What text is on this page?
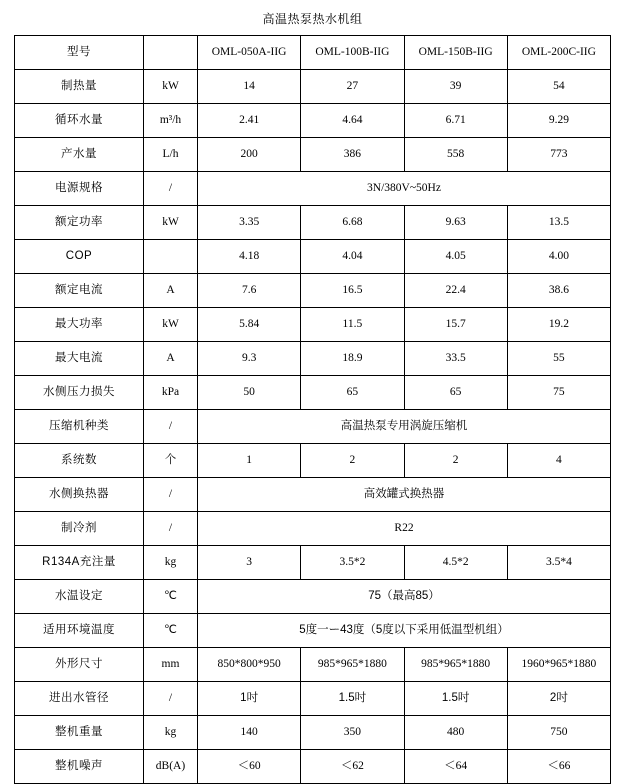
高温热泵热水机组
型号		OML-050A-IIG	OML-100B-IIG	OML-150B-IIG	OML-200C-IIG
制热量	kW	14	27	39	54
循环水量	m³/h	2.41	4.64	6.71	9.29
产水量	L/h	200	386	558	773
电源规格	/	3N/380V~50Hz			
额定功率	kW	3.35	6.68	9.63	13.5
COP		4.18	4.04	4.05	4.00
额定电流	A	7.6	16.5	22.4	38.6
最大功率	kW	5.84	11.5	15.7	19.2
最大电流	A	9.3	18.9	33.5	55
水侧压力损失	kPa	50	65	65	75
压缩机种类	/	高温热泵专用涡旋压缩机			
系统数	个	1	2	2	4
水侧换热器	/	高效罐式换热器			
制冷剂	/	R22			
R134A充注量	kg	3	3.5*2	4.5*2	3.5*4
水温设定	℃	75（最高85）			
适用环境温度	℃	5度一ー43度（5度以下采用低温型机组）			
外形尺寸	mm	850*800*950	985*965*1880	985*965*1880	1960*965*1880
进出水管径	/	1吋	1.5吋	1.5吋	2吋
整机重量	kg	140	350	480	750
整机噪声	dB(A)	＜60	＜62	＜64	＜66
